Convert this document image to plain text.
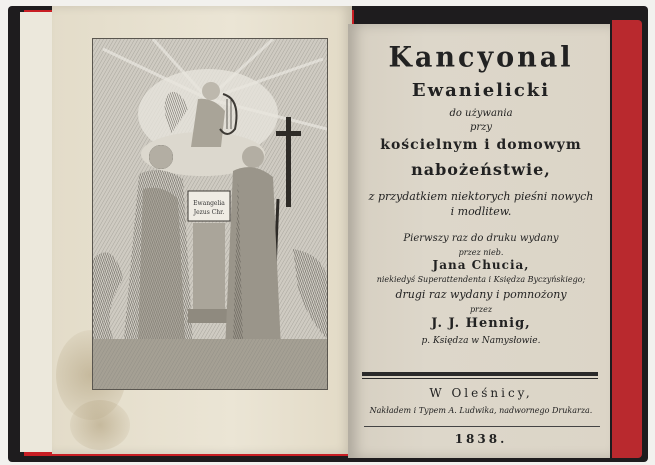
Ewangelia
Jezus Chr.
Kancyonal
Ewanielicki
do używania
przy
kościelnym i domowym
nabożeństwie,
z przydatkiem niektorych pieśni nowych
i modlitew.
Pierwszy raz do druku wydany
przez nieb.
Jana Chucia,
niekiedyś Superattendenta i Księdza Byczyńskiego;
drugi raz wydany i pomnożony
przez
J. J. Hennig,
p. Księdza w Namysłowie.
W Oleśnicy,
Nakładem i Typem A. Ludwika, nadwornego Drukarza.
1838.
